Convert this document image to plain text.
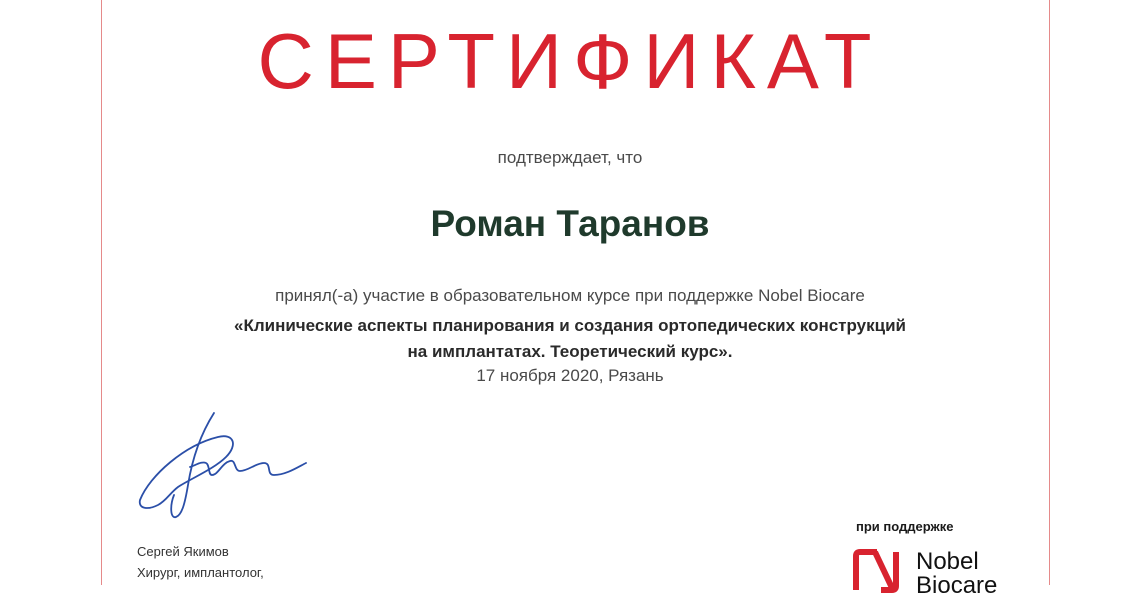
СЕРТИФИКАТ
подтверждает, что
Роман Таранов
принял(-а) участие в образовательном курсе при поддержке Nobel Biocare
«Клинические аспекты планирования и создания ортопедических конструкций
на имплантатах. Теоретический курс».
17 ноября 2020, Рязань
Сергей Якимов
Хирург, имплантолог,
при поддержке
Nobel
Biocare
